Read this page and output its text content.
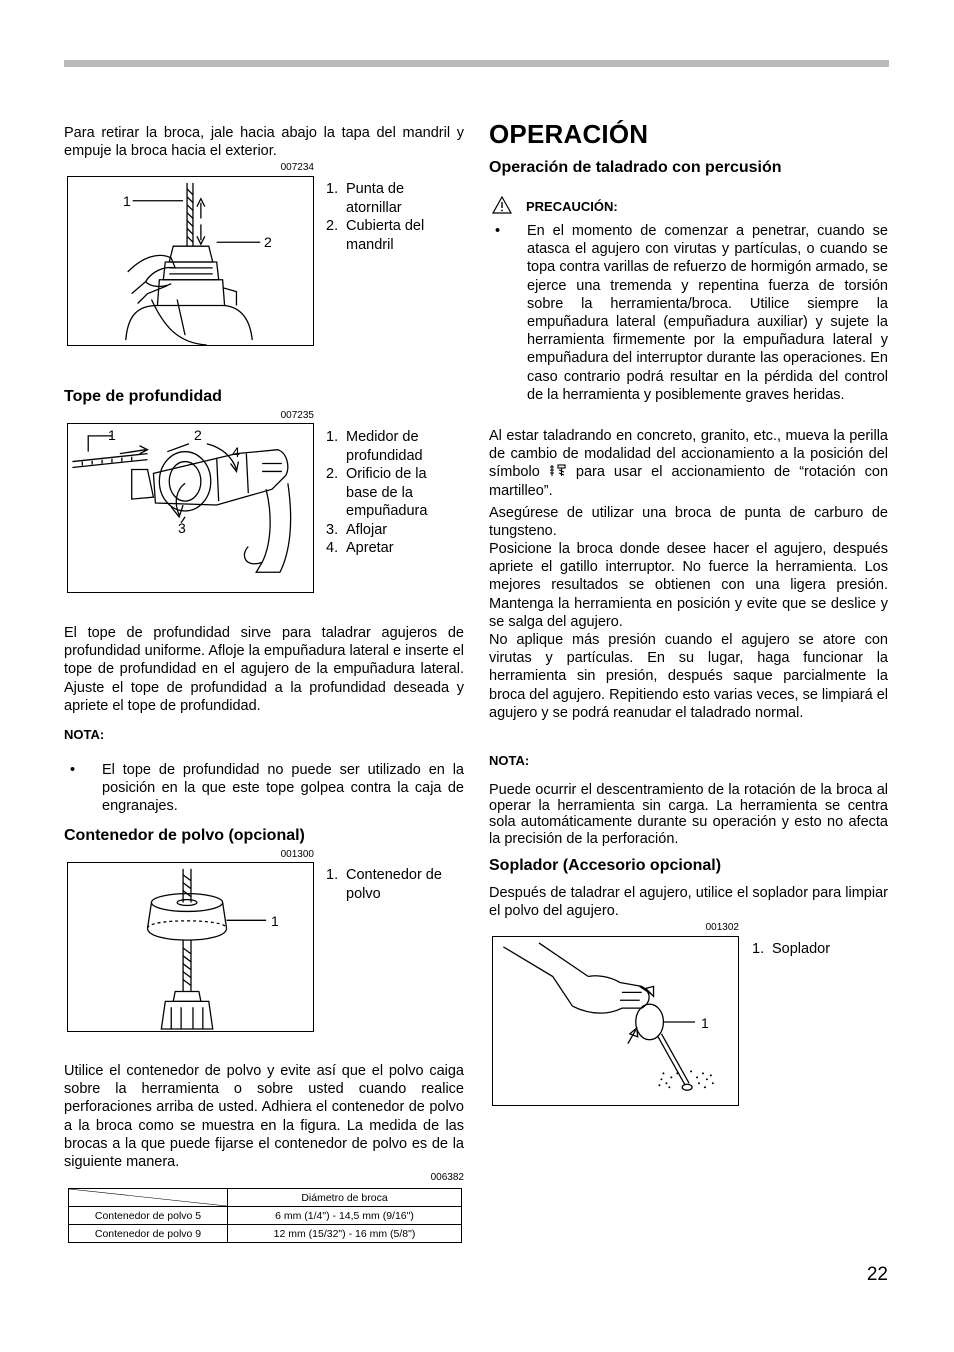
Para retirar la broca, jale hacia abajo la tapa del mandril y empuje la broca hacia el exterior.

007234
1
2
1. Punta de atornillar
2. Cubierta del mandril
Tope de profundidad
007235
1	2
3
4
1. Medidor de profundidad
2. Orificio de la base de la empuñadura
3. Aflojar
4. Apretar

El tope de profundidad sirve para taladrar agujeros de profundidad uniforme. Afloje la empuñadura lateral e inserte el tope de profundidad en el agujero de la empuñadura lateral. Ajuste el tope de profundidad a la profundidad deseada y apriete el tope de profundidad.

NOTA:
• El tope de profundidad no puede ser utilizado en la posición en la que este tope golpea contra la caja de engranajes.
Contenedor de polvo (opcional)
001300
1
1. Contenedor de polvo

Utilice el contenedor de polvo y evite así que el polvo caiga sobre la herramienta o sobre usted cuando realice perforaciones arriba de usted. Adhiera el contenedor de polvo a la broca como se muestra en la figura. La medida de las brocas a la que puede fijarse el contenedor de polvo es de la siguiente manera.

006382
	Diámetro de broca
Contenedor de polvo 5	6 mm (1/4") - 14,5 mm (9/16")
Contenedor de polvo 9	12 mm (15/32") - 16 mm (5/8")
OPERACIÓN
Operación de taladrado con percusión
PRECAUCIÓN:
• En el momento de comenzar a penetrar, cuando se atasca el agujero con virutas y partículas, o cuando se topa contra varillas de refuerzo de hormigón armado, se ejerce una tremenda y repentina fuerza de torsión sobre la herramienta/broca. Utilice siempre la empuñadura lateral (empuñadura auxiliar) y sujete la herramienta firmemente por la empuñadura lateral y empuñadura del interruptor durante las operaciones. En caso contrario podrá resultar en la pérdida del control de la herramienta y posiblemente graves heridas.

Al estar taladrando en concreto, granito, etc., mueva la perilla de cambio de modalidad del accionamiento a la posición del símbolo para usar el accionamiento de “rotación con martilleo”.

Asegúrese de utilizar una broca de punta de carburo de tungsteno.

Posicione la broca donde desee hacer el agujero, después apriete el gatillo interruptor. No fuerce la herramienta. Los mejores resultados se obtienen con una ligera presión. Mantenga la herramienta en posición y evite que se deslice y se salga del agujero.

No aplique más presión cuando el agujero se atore con virutas y partículas. En su lugar, haga funcionar la herramienta sin presión, después saque parcialmente la broca del agujero. Repitiendo esto varias veces, se limpiará el agujero y se podrá reanudar el taladrado normal.

NOTA:

Puede ocurrir el descentramiento de la rotación de la broca al operar la herramienta sin carga. La herramienta se centra sola automáticamente durante su operación y esto no afecta la precisión de la perforación.

Soplador (Accesorio opcional)

Después de taladrar el agujero, utilice el soplador para limpiar el polvo del agujero.

001302
1
1. Soplador
22
